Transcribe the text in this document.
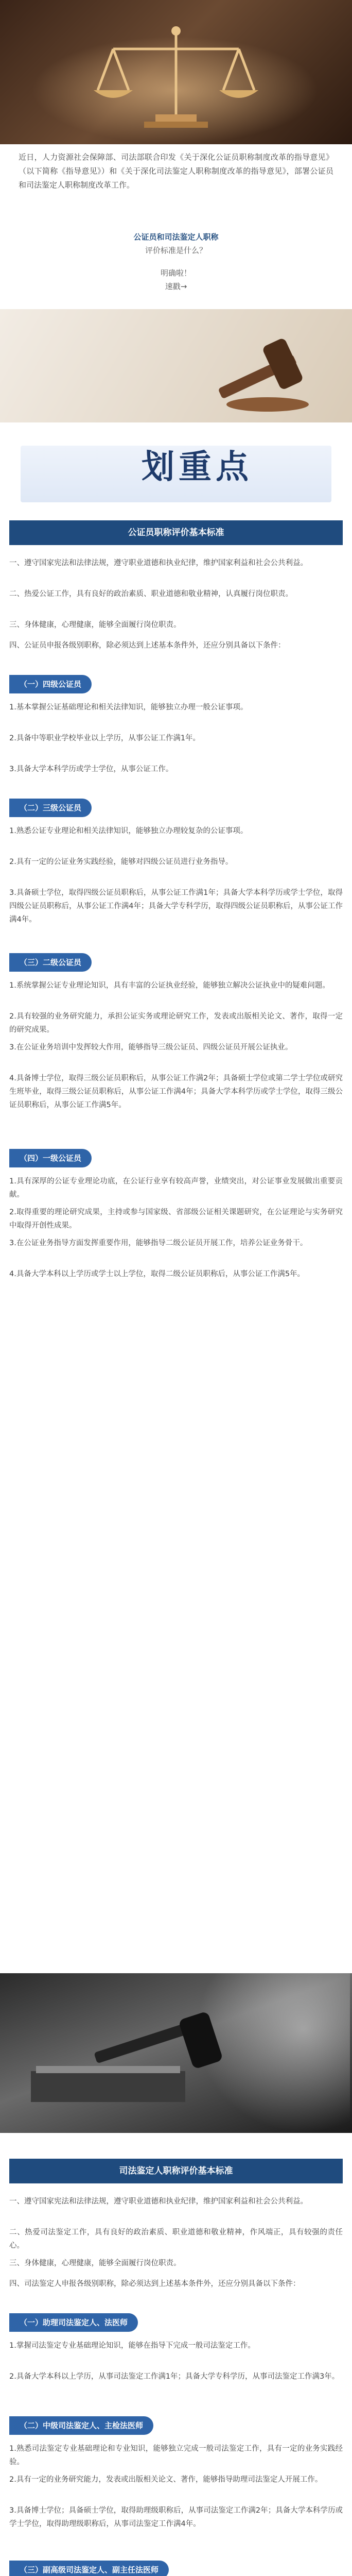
近日，人力资源社会保障部、司法部联合印发《关于深化公证员职称制度改革的指导意见》（以下简称《指导意见》）和《关于深化司法鉴定人职称制度改革的指导意见》，部署公证员和司法鉴定人职称制度改革工作。

公证员和司法鉴定人职称
评价标准是什么？
明确啦！
速戳→
划重点
公证员职称评价基本标准

一、遵守国家宪法和法律法规，遵守职业道德和执业纪律，维护国家利益和社会公共利益。

二、热爱公证工作，具有良好的政治素质、职业道德和敬业精神，认真履行岗位职责。

三、身体健康，心理健康，能够全面履行岗位职责。

四、公证员申报各级别职称，除必须达到上述基本条件外，还应分别具备以下条件：

（一）四级公证员

1.基本掌握公证基础理论和相关法律知识，能够独立办理一般公证事项。

2.具备中等职业学校毕业以上学历，从事公证工作满1年。

3.具备大学本科学历或学士学位，从事公证工作。

（二）三级公证员

1.熟悉公证专业理论和相关法律知识，能够独立办理较复杂的公证事项。

2.具有一定的公证业务实践经验，能够对四级公证员进行业务指导。

3.具备硕士学位，取得四级公证员职称后，从事公证工作满1年；具备大学本科学历或学士学位，取得四级公证员职称后，从事公证工作满4年；具备大学专科学历，取得四级公证员职称后，从事公证工作满4年。

（三）二级公证员

1.系统掌握公证专业理论知识，具有丰富的公证执业经验，能够独立解决公证执业中的疑难问题。

2.具有较强的业务研究能力，承担公证实务或理论研究工作，发表或出版相关论文、著作，取得一定的研究成果。

3.在公证业务培训中发挥较大作用，能够指导三级公证员、四级公证员开展公证执业。

4.具备博士学位，取得三级公证员职称后，从事公证工作满2年；具备硕士学位或第二学士学位或研究生班毕业，取得三级公证员职称后，从事公证工作满4年；具备大学本科学历或学士学位，取得三级公证员职称后，从事公证工作满5年。

（四）一级公证员

1.具有深厚的公证专业理论功底，在公证行业享有较高声誉，业绩突出，对公证事业发展做出重要贡献。

2.取得重要的理论研究成果，主持或参与国家级、省部级公证相关课题研究，在公证理论与实务研究中取得开创性成果。

3.在公证业务指导方面发挥重要作用，能够指导二级公证员开展工作，培养公证业务骨干。

4.具备大学本科以上学历或学士以上学位，取得二级公证员职称后，从事公证工作满5年。

司法鉴定人职称评价基本标准

一、遵守国家宪法和法律法规，遵守职业道德和执业纪律，维护国家利益和社会公共利益。

二、热爱司法鉴定工作，具有良好的政治素质、职业道德和敬业精神，作风端正，具有较强的责任心。

三、身体健康，心理健康，能够全面履行岗位职责。

四、司法鉴定人申报各级别职称，除必须达到上述基本条件外，还应分别具备以下条件：

（一）助理司法鉴定人、法医师

1.掌握司法鉴定专业基础理论知识，能够在指导下完成一般司法鉴定工作。

2.具备大学本科以上学历，从事司法鉴定工作满1年；具备大学专科学历，从事司法鉴定工作满3年。

（二）中级司法鉴定人、主检法医师

1.熟悉司法鉴定专业基础理论和专业知识，能够独立完成一般司法鉴定工作，具有一定的业务实践经验。

2.具有一定的业务研究能力，发表或出版相关论文、著作，能够指导助理司法鉴定人开展工作。

3.具备博士学位；具备硕士学位，取得助理级职称后，从事司法鉴定工作满2年；具备大学本科学历或学士学位，取得助理级职称后，从事司法鉴定工作满4年。

（三）副高级司法鉴定人、副主任法医师
